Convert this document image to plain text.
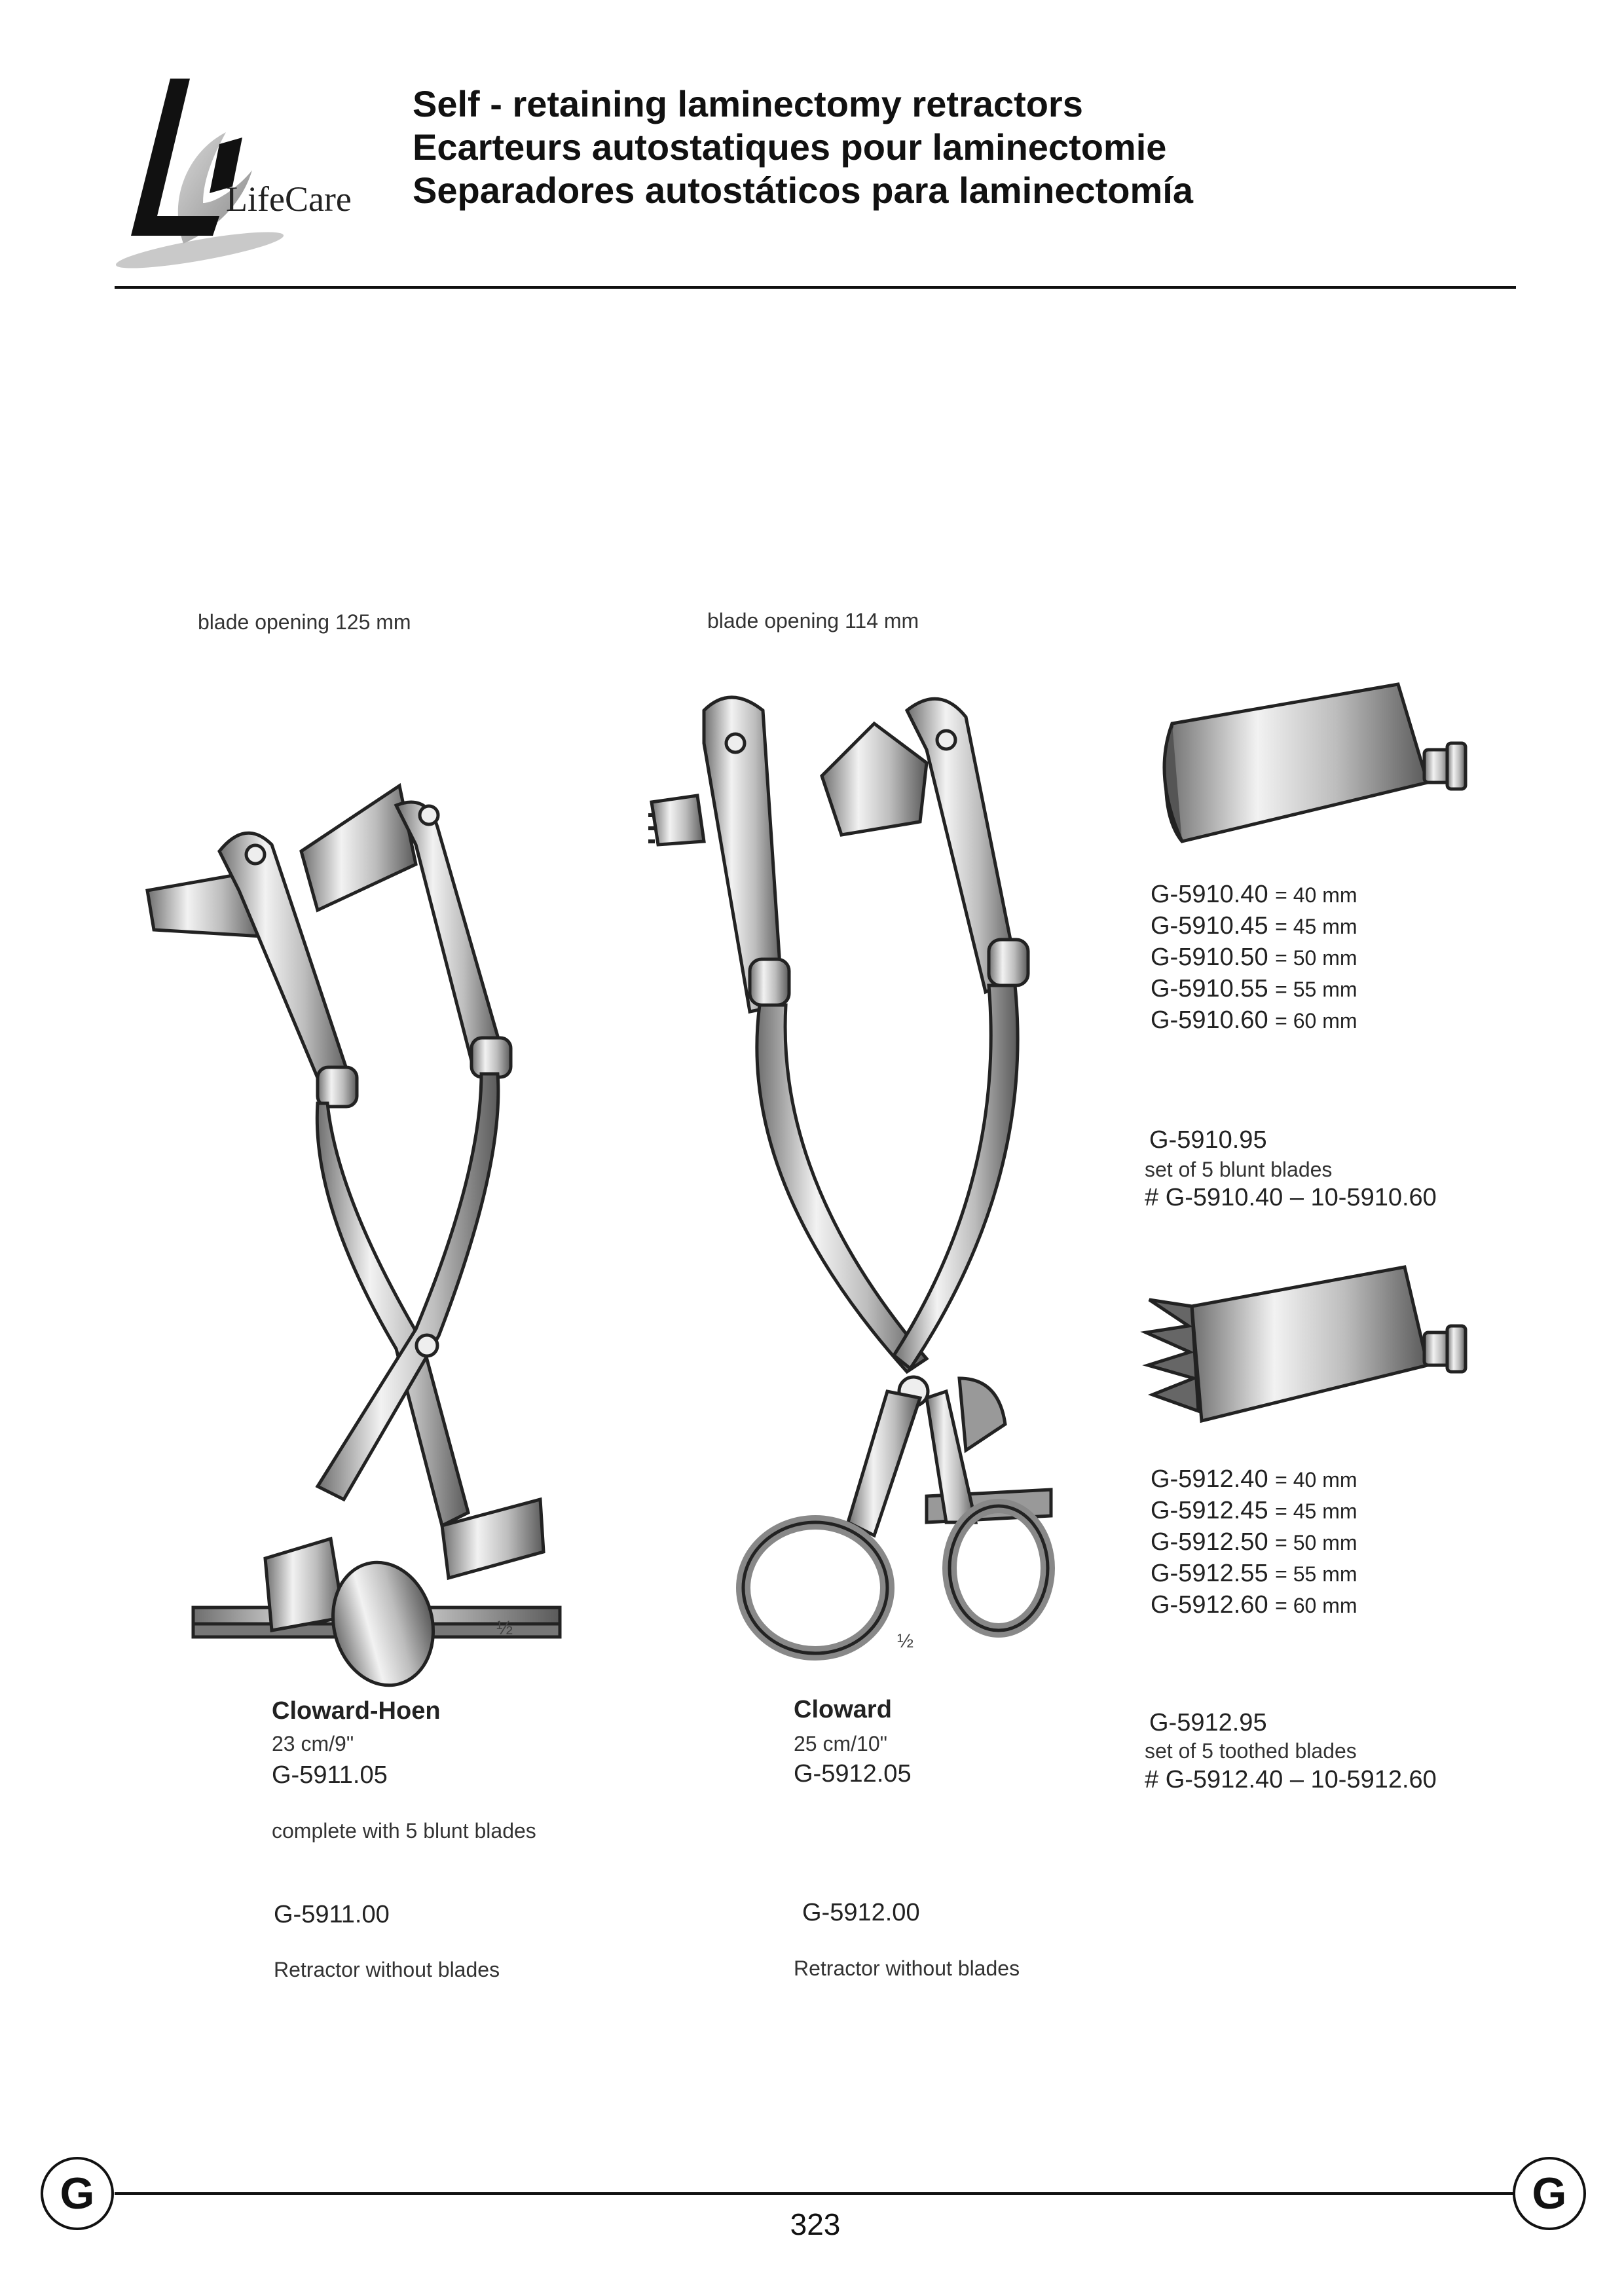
LifeCare
Self - retaining laminectomy retractors
Ecarteurs autostatiques pour laminectomie
Separadores autostáticos para laminectomía
blade opening 125 mm
½
Cloward-Hoen
23 cm/9"
G-5911.05
complete with 5 blunt blades
G-5911.00
Retractor without blades
blade opening 114 mm
½
Cloward
25 cm/10"
G-5912.05
G-5912.00
Retractor without blades
G-5910.40 = 40 mm
G-5910.45 = 45 mm
G-5910.50 = 50 mm
G-5910.55 = 55 mm
G-5910.60 = 60 mm
G-5910.95
set of 5 blunt blades
# G-5910.40 – 10-5910.60
G-5912.40 = 40 mm
G-5912.45 = 45 mm
G-5912.50 = 50 mm
G-5912.55 = 55 mm
G-5912.60 = 60 mm
G-5912.95
set of 5 toothed blades
# G-5912.40 – 10-5912.60
G	G
323
